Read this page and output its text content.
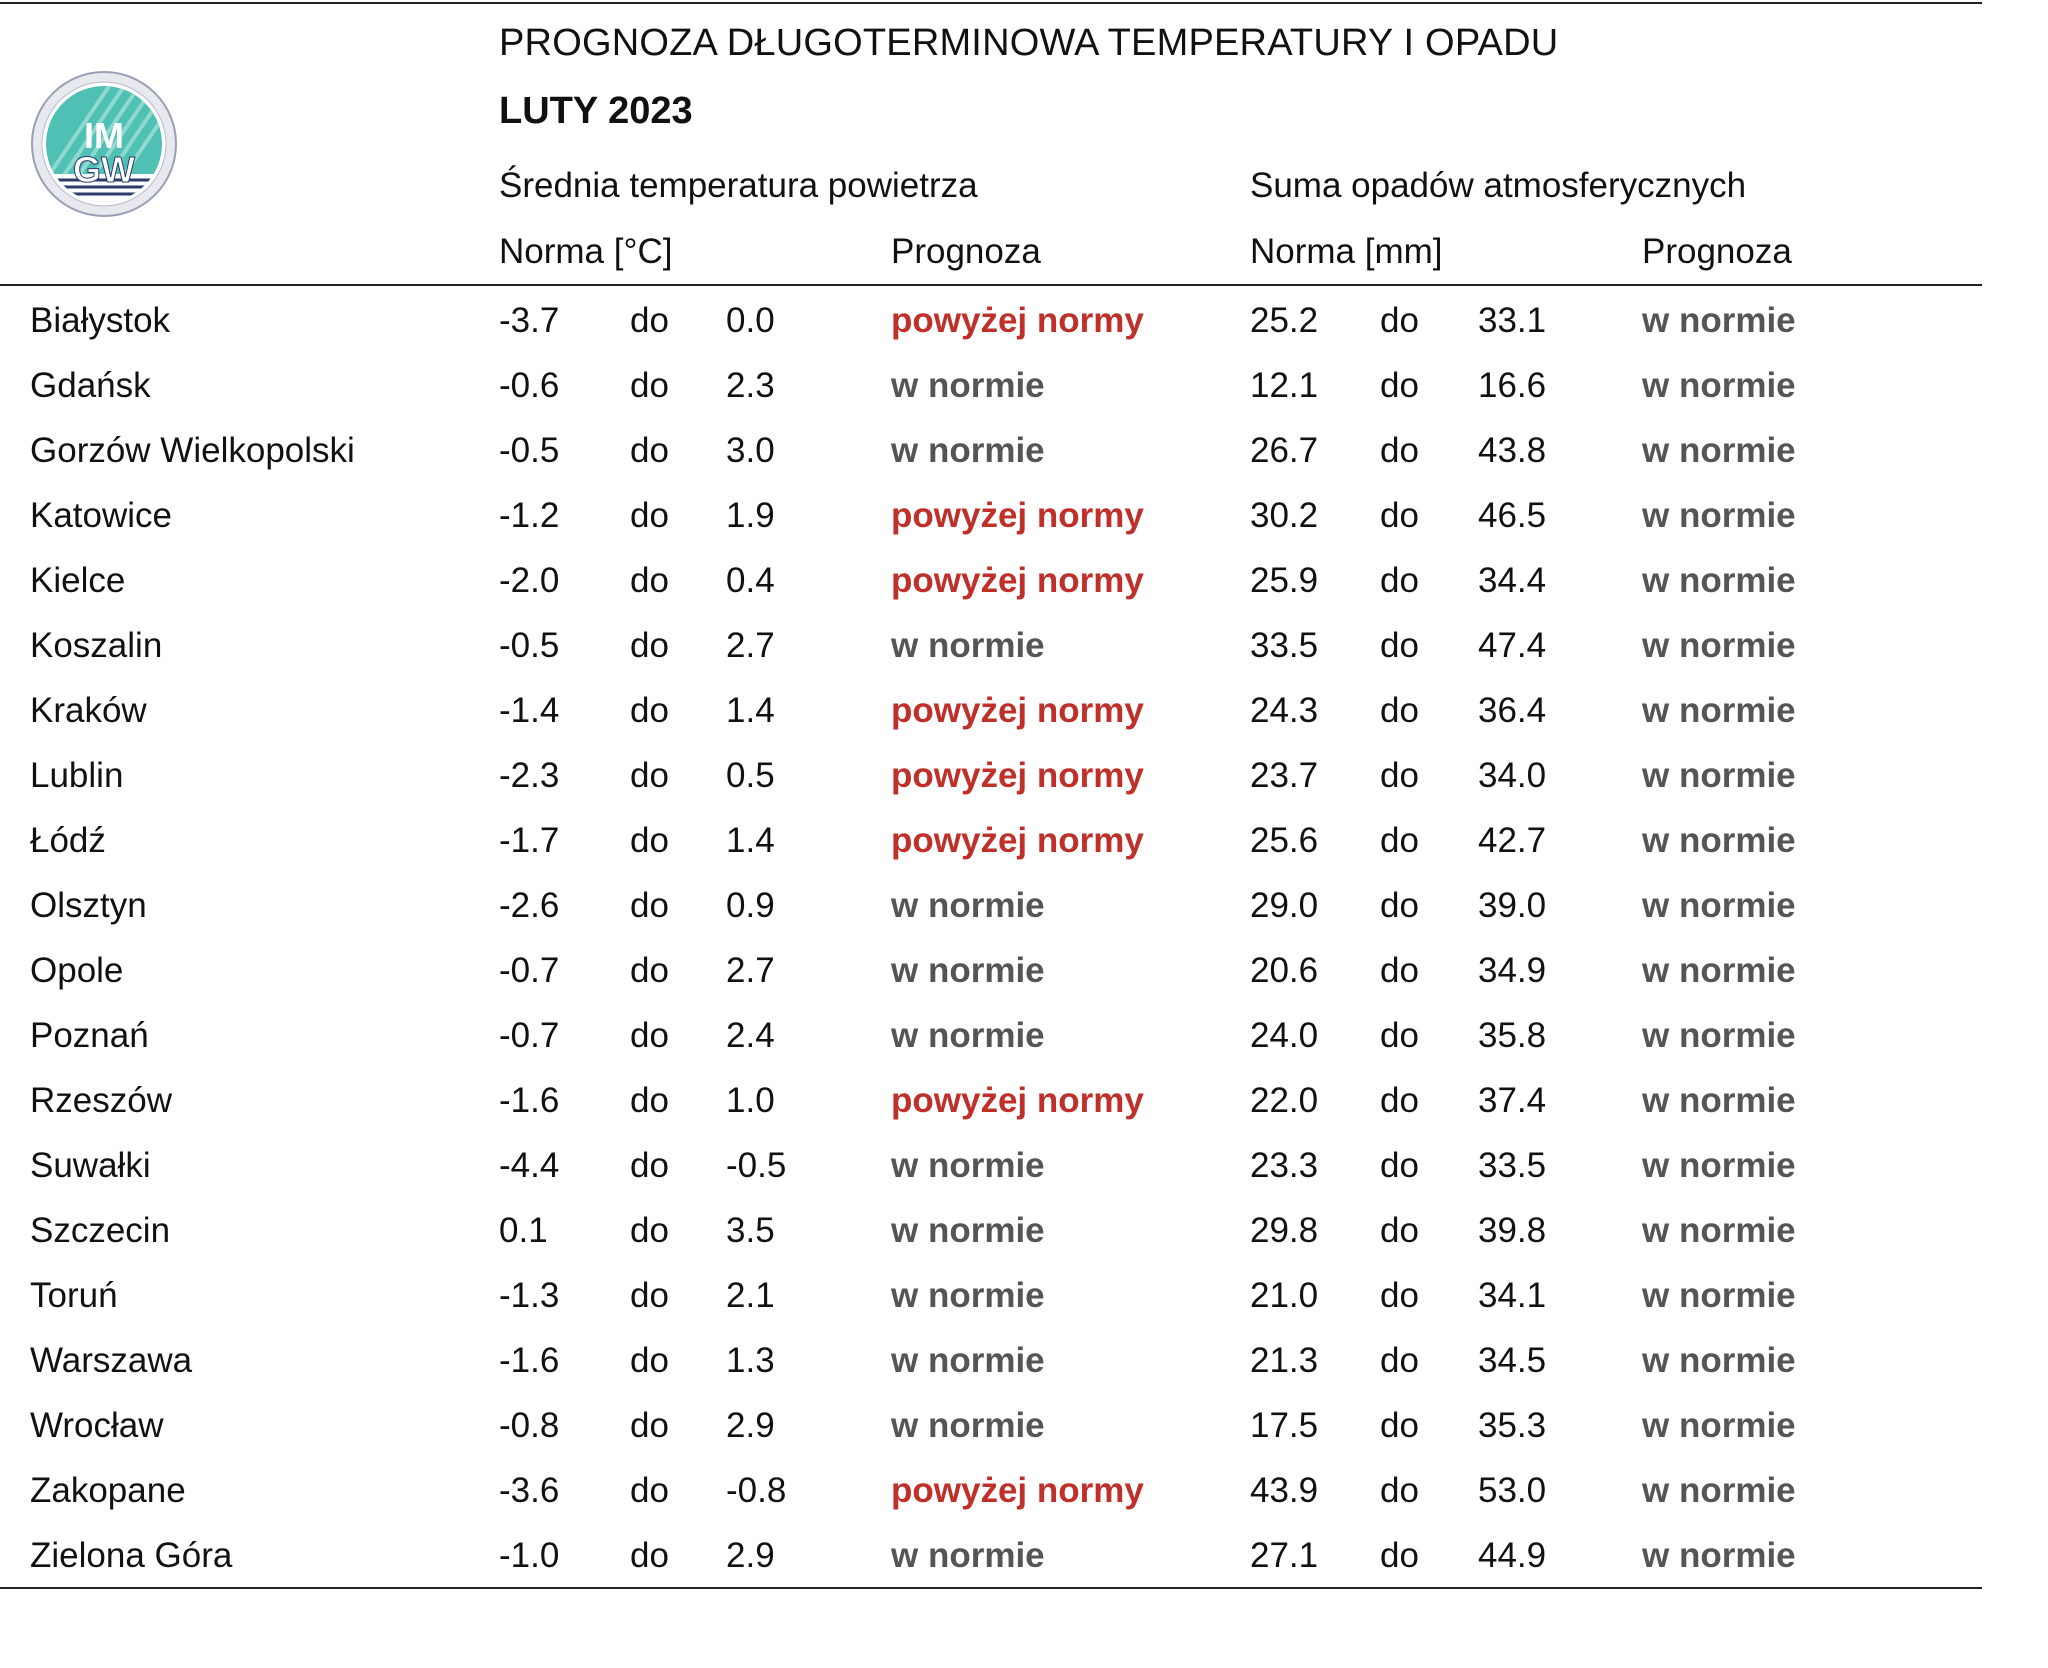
IM
GW
PROGNOZA DŁUGOTERMINOWA TEMPERATURY I OPADU
LUTY 2023
Średnia temperatura powietrza	Suma opadów atmosferycznych
Norma [°C]	Prognoza	Norma [mm]	Prognoza
Białystok	-3.7 do 0.0	powyżej normy	25.2 do 33.1	w normie
Gdańsk	-0.6 do 2.3	w normie	12.1 do 16.6	w normie
Gorzów Wielkopolski	-0.5 do 3.0	w normie	26.7 do 43.8	w normie
Katowice	-1.2 do 1.9	powyżej normy	30.2 do 46.5	w normie
Kielce	-2.0 do 0.4	powyżej normy	25.9 do 34.4	w normie
Koszalin	-0.5 do 2.7	w normie	33.5 do 47.4	w normie
Kraków	-1.4 do 1.4	powyżej normy	24.3 do 36.4	w normie
Lublin	-2.3 do 0.5	powyżej normy	23.7 do 34.0	w normie
Łódź	-1.7 do 1.4	powyżej normy	25.6 do 42.7	w normie
Olsztyn	-2.6 do 0.9	w normie	29.0 do 39.0	w normie
Opole	-0.7 do 2.7	w normie	20.6 do 34.9	w normie
Poznań	-0.7 do 2.4	w normie	24.0 do 35.8	w normie
Rzeszów	-1.6 do 1.0	powyżej normy	22.0 do 37.4	w normie
Suwałki	-4.4 do -0.5	w normie	23.3 do 33.5	w normie
Szczecin	0.1 do 3.5	w normie	29.8 do 39.8	w normie
Toruń	-1.3 do 2.1	w normie	21.0 do 34.1	w normie
Warszawa	-1.6 do 1.3	w normie	21.3 do 34.5	w normie
Wrocław	-0.8 do 2.9	w normie	17.5 do 35.3	w normie
Zakopane	-3.6 do -0.8	powyżej normy	43.9 do 53.0	w normie
Zielona Góra	-1.0 do 2.9	w normie	27.1 do 44.9	w normie
